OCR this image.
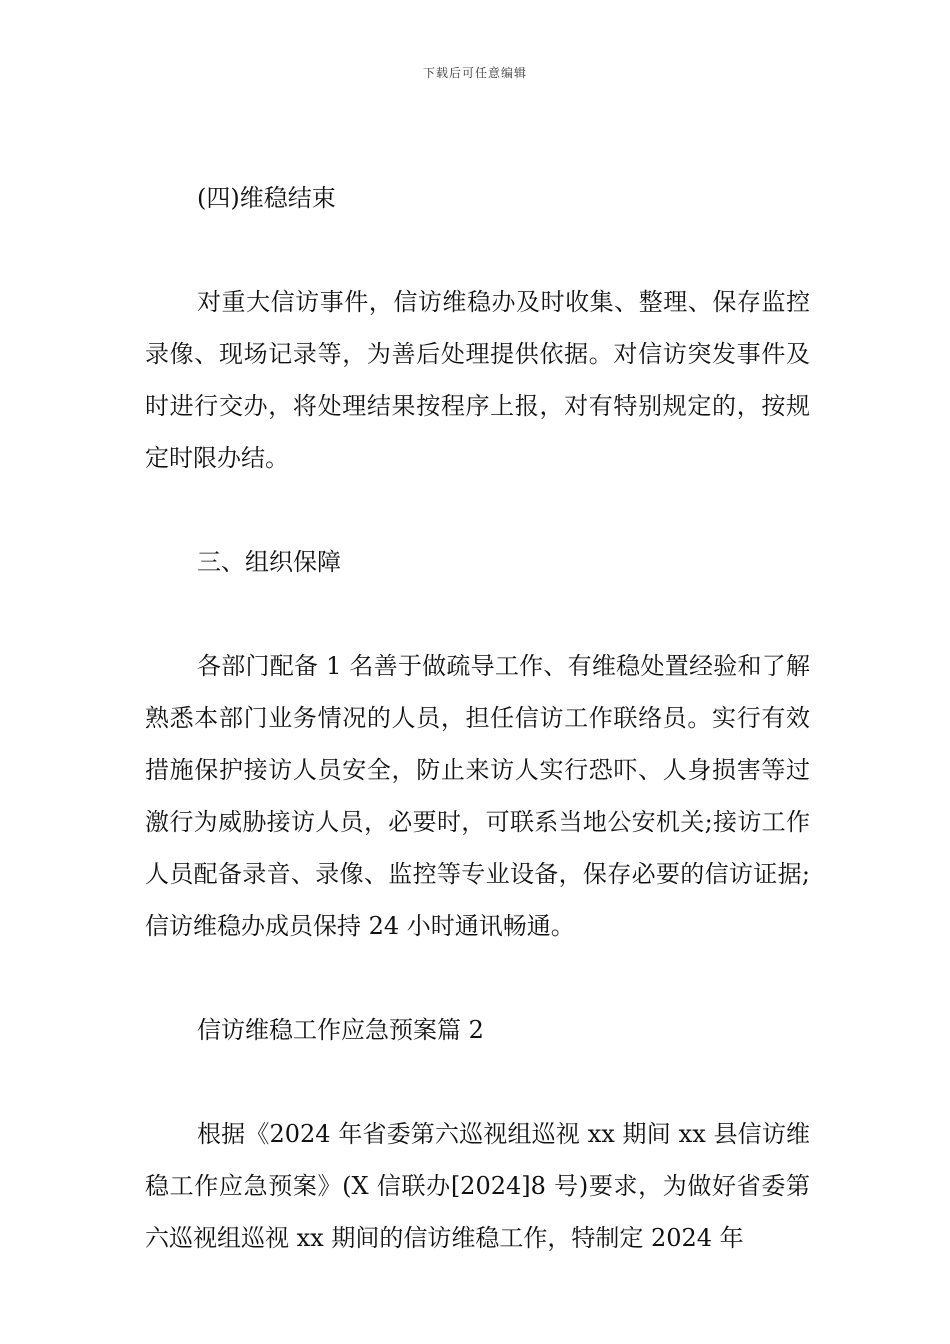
下载后可任意编辑

(四)维稳结束

对重大信访事件，信访维稳办及时收集、整理、保存监控录像、现场记录等，为善后处理提供依据。对信访突发事件及时进行交办，将处理结果按程序上报，对有特别规定的，按规定时限办结。

三、组织保障

各部门配备 1 名善于做疏导工作、有维稳处置经验和了解熟悉本部门业务情况的人员，担任信访工作联络员。实行有效措施保护接访人员安全，防止来访人实行恐吓、人身损害等过激行为威胁接访人员，必要时，可联系当地公安机关;接访工作人员配备录音、录像、监控等专业设备，保存必要的信访证据;信访维稳办成员保持 24 小时通讯畅通。

信访维稳工作应急预案篇 2

根据《2024 年省委第六巡视组巡视 xx 期间 xx 县信访维稳工作应急预案》(X 信联办[2024]8 号)要求，为做好省委第六巡视组巡视 xx 期间的信访维稳工作，特制定 2024 年
